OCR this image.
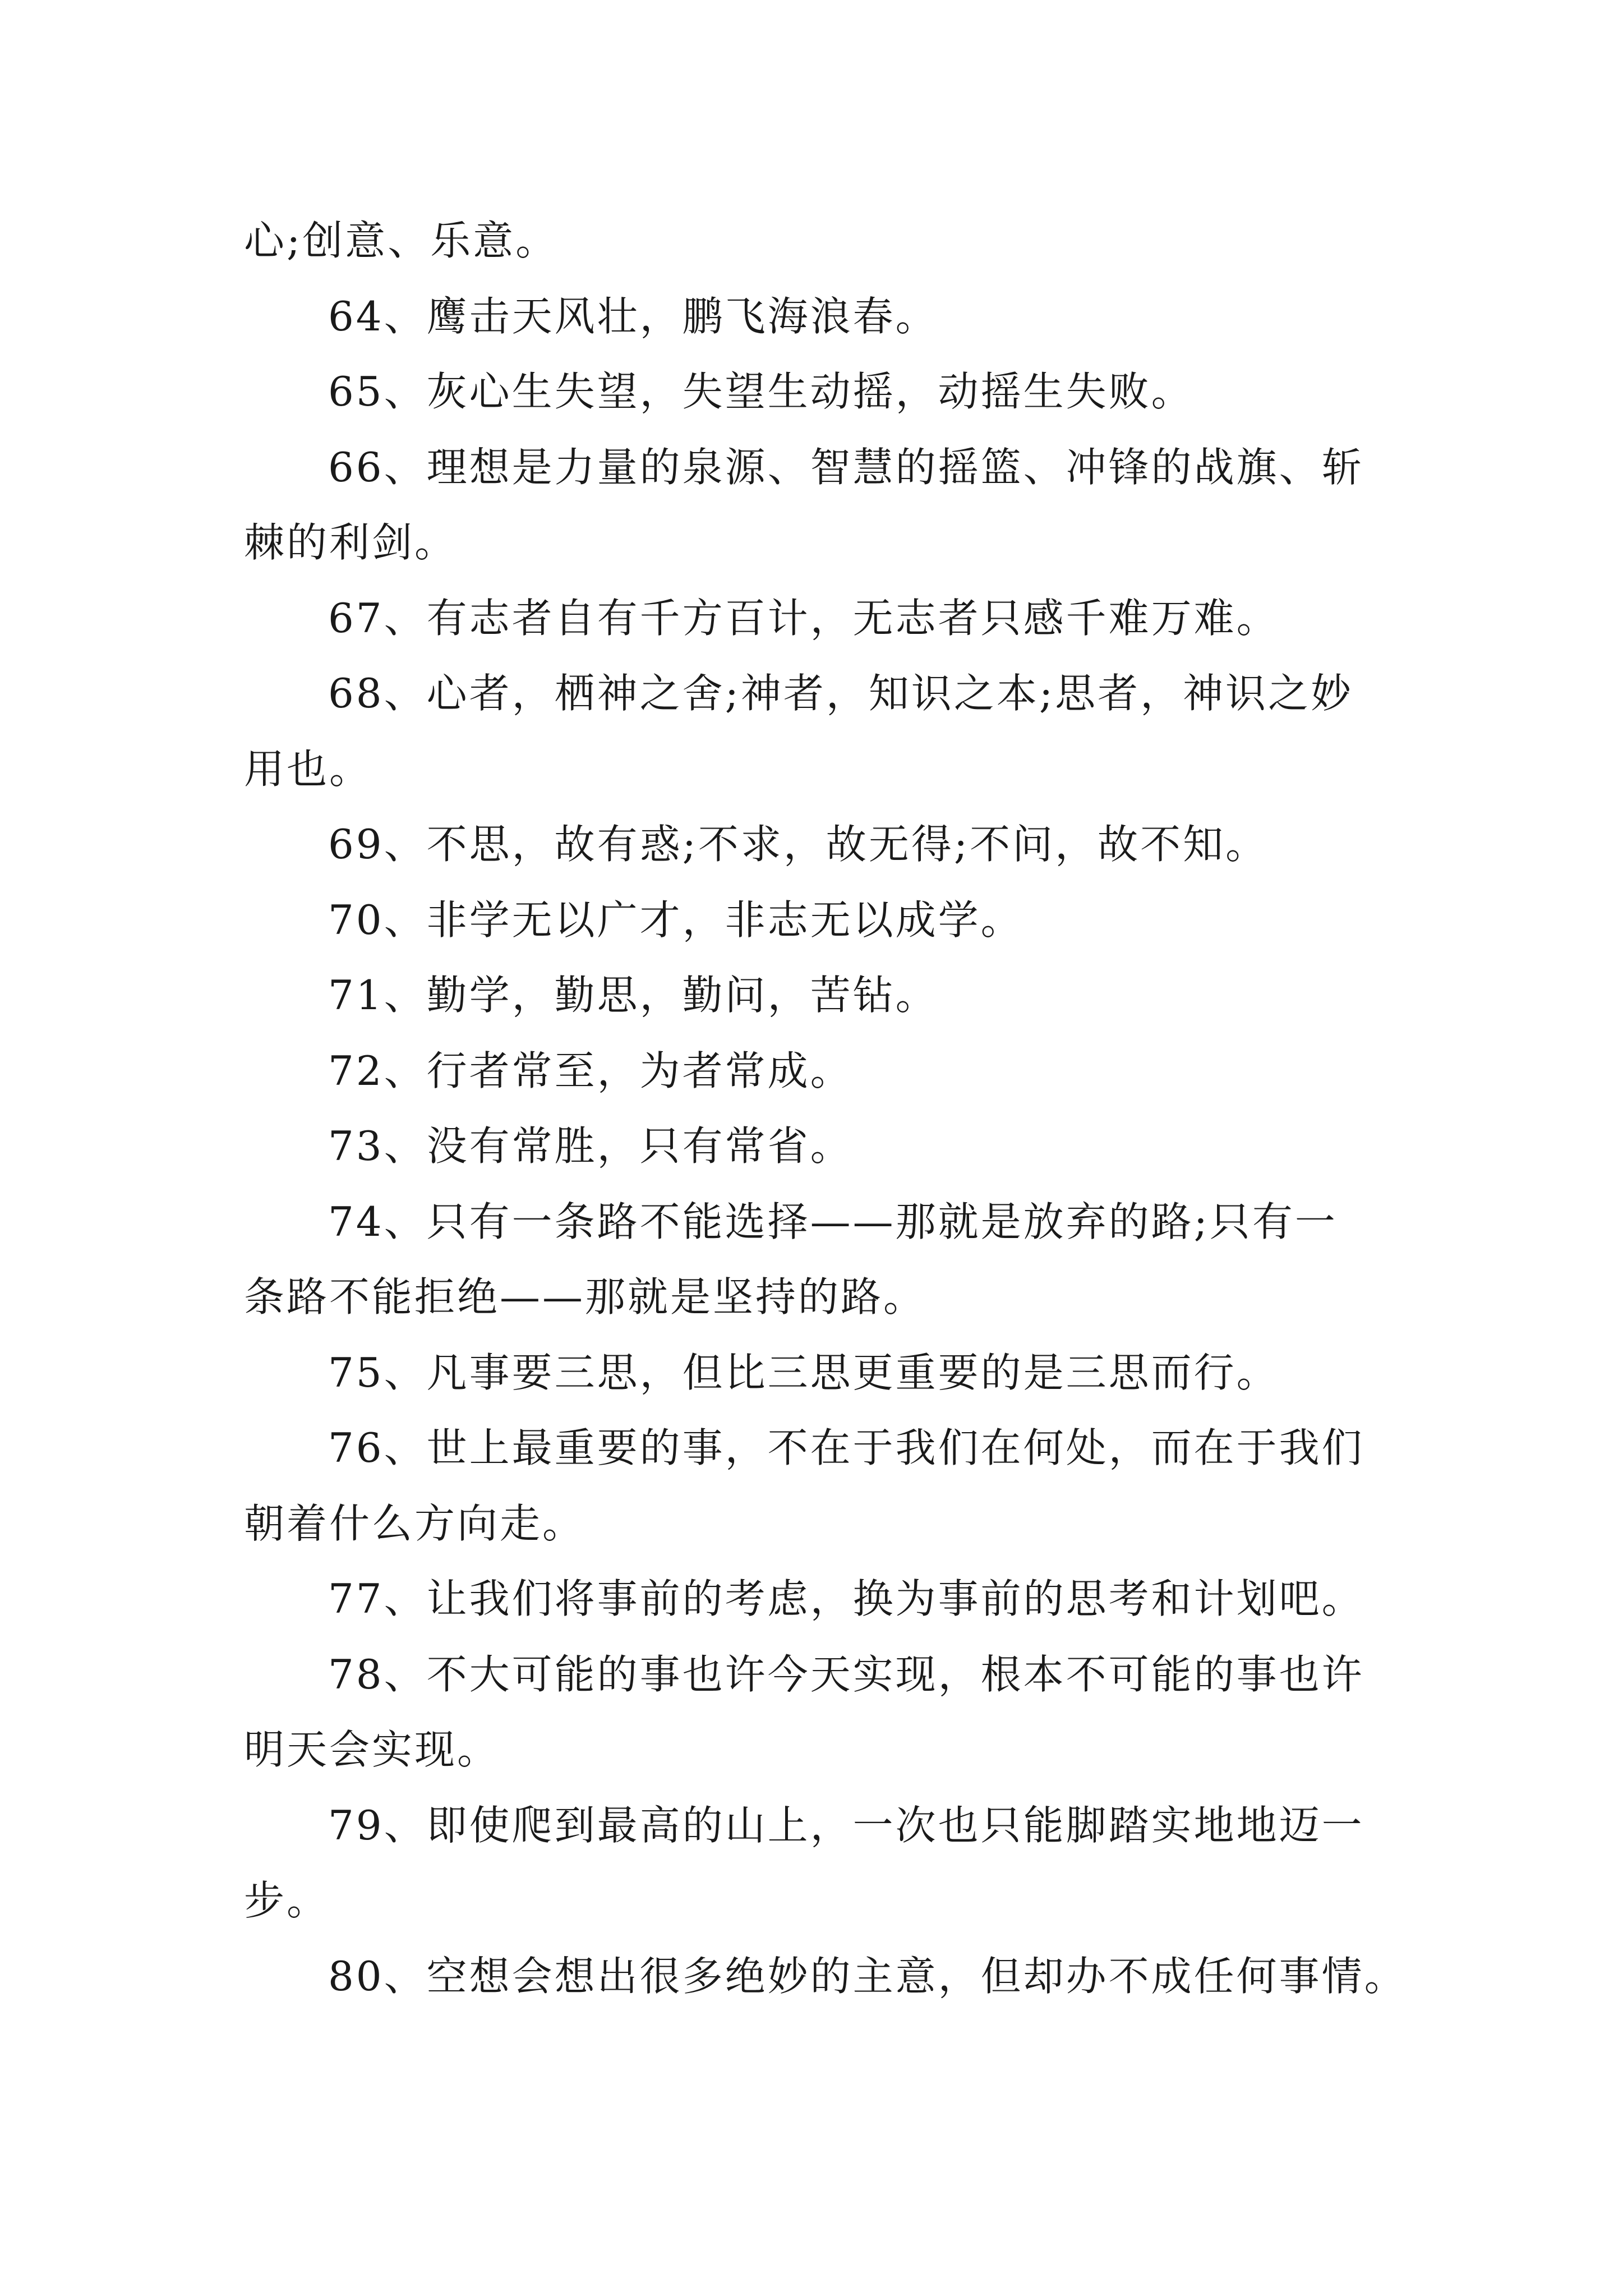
心;创意、乐意。
64、鹰击天风壮，鹏飞海浪春。
65、灰心生失望，失望生动摇，动摇生失败。
66、理想是力量的泉源、智慧的摇篮、冲锋的战旗、斩
棘的利剑。
67、有志者自有千方百计，无志者只感千难万难。
68、心者，栖神之舍;神者，知识之本;思者，神识之妙
用也。
69、不思，故有惑;不求，故无得;不问，故不知。
70、非学无以广才，非志无以成学。
71、勤学，勤思，勤问，苦钻。
72、行者常至，为者常成。
73、没有常胜，只有常省。
74、只有一条路不能选择——那就是放弃的路;只有一
条路不能拒绝——那就是坚持的路。
75、凡事要三思，但比三思更重要的是三思而行。
76、世上最重要的事，不在于我们在何处，而在于我们
朝着什么方向走。
77、让我们将事前的考虑，换为事前的思考和计划吧。
78、不大可能的事也许今天实现，根本不可能的事也许
明天会实现。
79、即使爬到最高的山上，一次也只能脚踏实地地迈一
步。
80、空想会想出很多绝妙的主意，但却办不成任何事情。
